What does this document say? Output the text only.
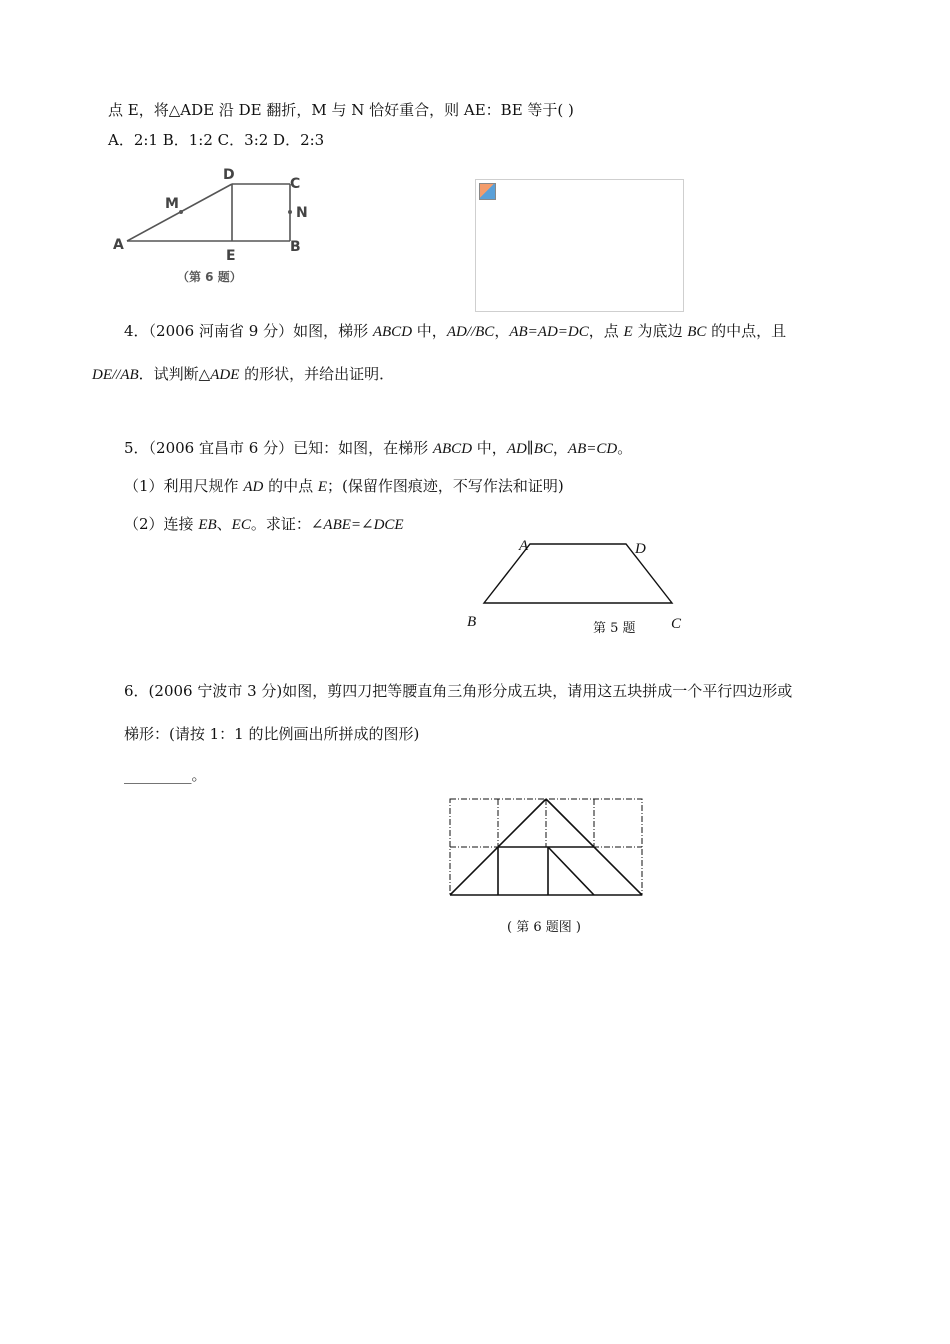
点 E，将△ADE 沿 DE 翻折，M 与 N 恰好重合，则 AE：BE 等于( )
A．2:1 B．1:2 C．3:2 D．2:3
A
M
D
C
N
E
B
（第 6 题）
4．（2006 河南省 9 分）如图，梯形 ABCD 中，AD//BC，AB=AD=DC，点 E 为底边 BC 的中点，且
DE//AB．试判断△ADE 的形状，并给出证明．
5．（2006 宜昌市 6 分）已知：如图，在梯形 ABCD 中，AD∥BC，AB=CD。
（1）利用尺规作 AD 的中点 E；(保留作图痕迹，不写作法和证明)
（2）连接 EB、EC。求证：∠ABE=∠DCE
A	D
B	C
第 5 题
6．(2006 宁波市 3 分)如图，剪四刀把等腰直角三角形分成五块，请用这五块拼成一个平行四边形或
梯形：(请按 1：1 的比例画出所拼成的图形)
_________。
( 第 6 题图 )
